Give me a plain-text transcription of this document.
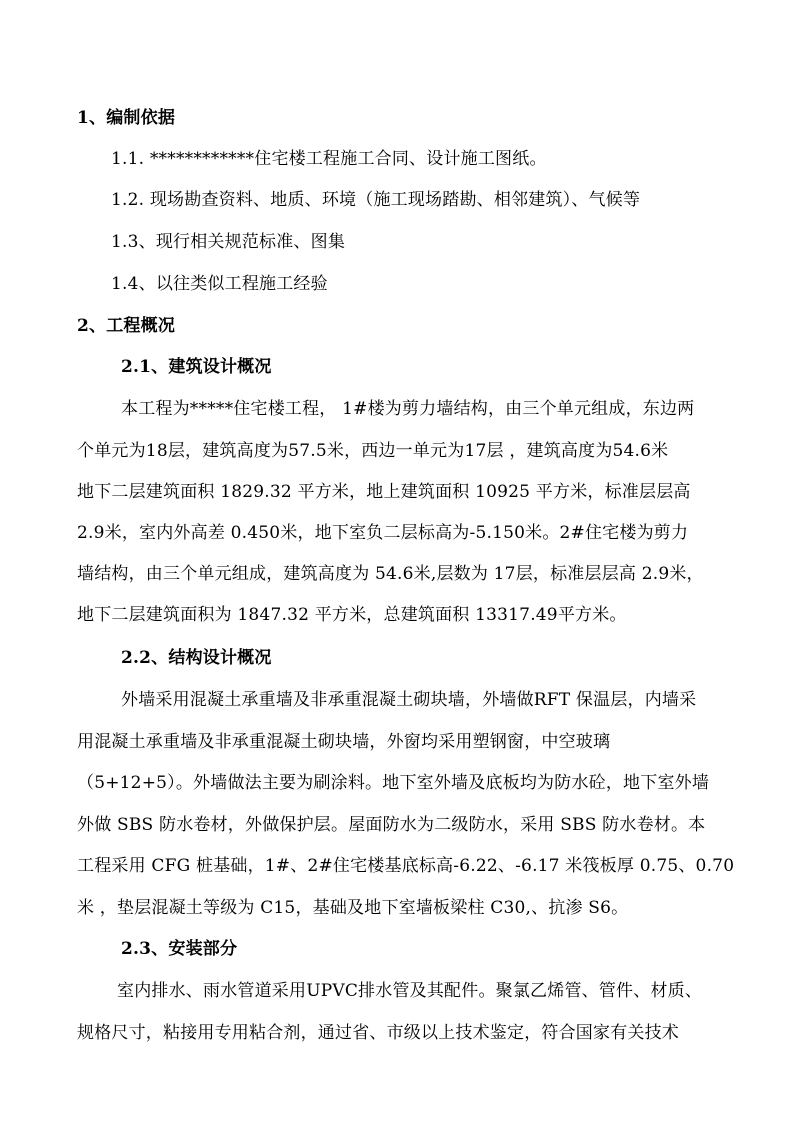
1、编制依据
1.1. ************住宅楼工程施工合同、设计施工图纸。
1.2. 现场勘查资料、地质、环境（施工现场踏勘、相邻建筑）、气候等
1.3、现行相关规范标准、图集
1.4、以往类似工程施工经验
2、工程概况
2.1、建筑设计概况
本工程为*****住宅楼工程， 1#楼为剪力墙结构，由三个单元组成，东边两
个单元为18层，建筑高度为57.5米，西边一单元为17层 ，建筑高度为54.6米
地下二层建筑面积 1829.32 平方米，地上建筑面积 10925 平方米，标准层层高
2.9米，室内外高差 0.450米，地下室负二层标高为-5.150米。2#住宅楼为剪力
墙结构，由三个单元组成，建筑高度为 54.6米,层数为 17层，标准层层高 2.9米，
地下二层建筑面积为 1847.32 平方米，总建筑面积 13317.49平方米。
2.2、结构设计概况
外墙采用混凝土承重墙及非承重混凝土砌块墙，外墙做RFT 保温层，内墙采
用混凝土承重墙及非承重混凝土砌块墙，外窗均采用塑钢窗，中空玻璃
（5+12+5）。外墙做法主要为刷涂料。地下室外墙及底板均为防水砼，地下室外墙
外做 SBS 防水卷材，外做保护层。屋面防水为二级防水，采用 SBS 防水卷材。本
工程采用 CFG 桩基础，1#、2#住宅楼基底标高-6.22、-6.17 米筏板厚 0.75、0.70
米 ，垫层混凝土等级为 C15，基础及地下室墙板梁柱 C30,、抗渗 S6。
2.3、安装部分
室内排水、雨水管道采用UPVC排水管及其配件。聚氯乙烯管、管件、材质、
规格尺寸，粘接用专用粘合剂，通过省、市级以上技术鉴定，符合国家有关技术
